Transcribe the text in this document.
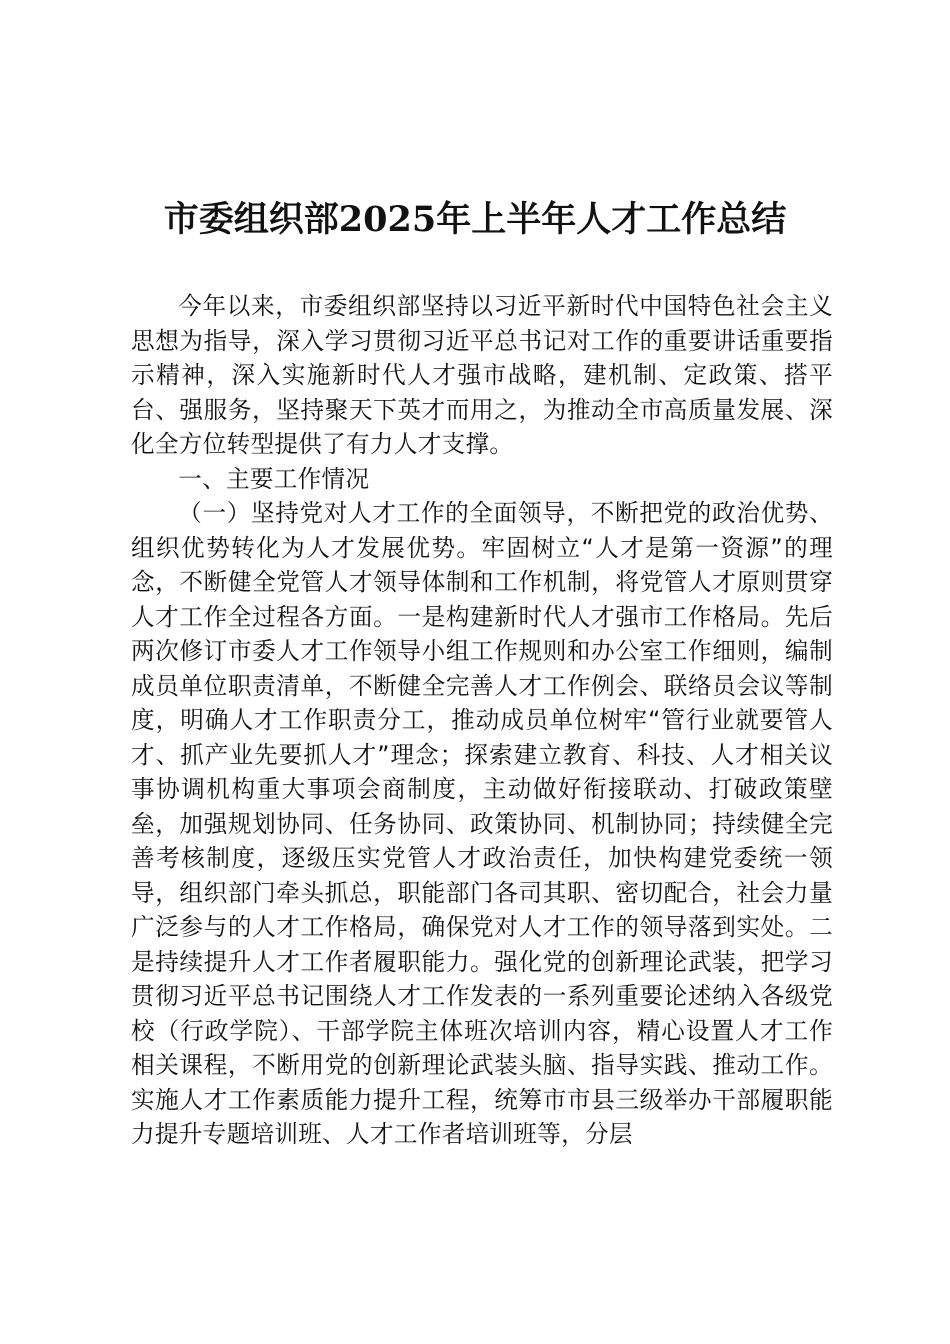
市委组织部2025年上半年人才工作总结

今年以来，市委组织部坚持以习近平新时代中国特色社会主义思想为指导，深入学习贯彻习近平总书记对工作的重要讲话重要指示精神，深入实施新时代人才强市战略，建机制、定政策、搭平台、强服务，坚持聚天下英才而用之，为推动全市高质量发展、深化全方位转型提供了有力人才支撑。

一、主要工作情况

（一）坚持党对人才工作的全面领导，不断把党的政治优势、组织优势转化为人才发展优势。牢固树立“人才是第一资源”的理念，不断健全党管人才领导体制和工作机制，将党管人才原则贯穿人才工作全过程各方面。一是构建新时代人才强市工作格局。先后两次修订市委人才工作领导小组工作规则和办公室工作细则，编制成员单位职责清单，不断健全完善人才工作例会、联络员会议等制度，明确人才工作职责分工，推动成员单位树牢“管行业就要管人才、抓产业先要抓人才”理念；探索建立教育、科技、人才相关议事协调机构重大事项会商制度，主动做好衔接联动、打破政策壁垒，加强规划协同、任务协同、政策协同、机制协同；持续健全完善考核制度，逐级压实党管人才政治责任，加快构建党委统一领导，组织部门牵头抓总，职能部门各司其职、密切配合，社会力量广泛参与的人才工作格局，确保党对人才工作的领导落到实处。二是持续提升人才工作者履职能力。强化党的创新理论武装，把学习贯彻习近平总书记围绕人才工作发表的一系列重要论述纳入各级党校（行政学院）、干部学院主体班次培训内容，精心设置人才工作相关课程，不断用党的创新理论武装头脑、指导实践、推动工作。实施人才工作素质能力提升工程，统筹市市县三级举办干部履职能力提升专题培训班、人才工作者培训班等，分层
